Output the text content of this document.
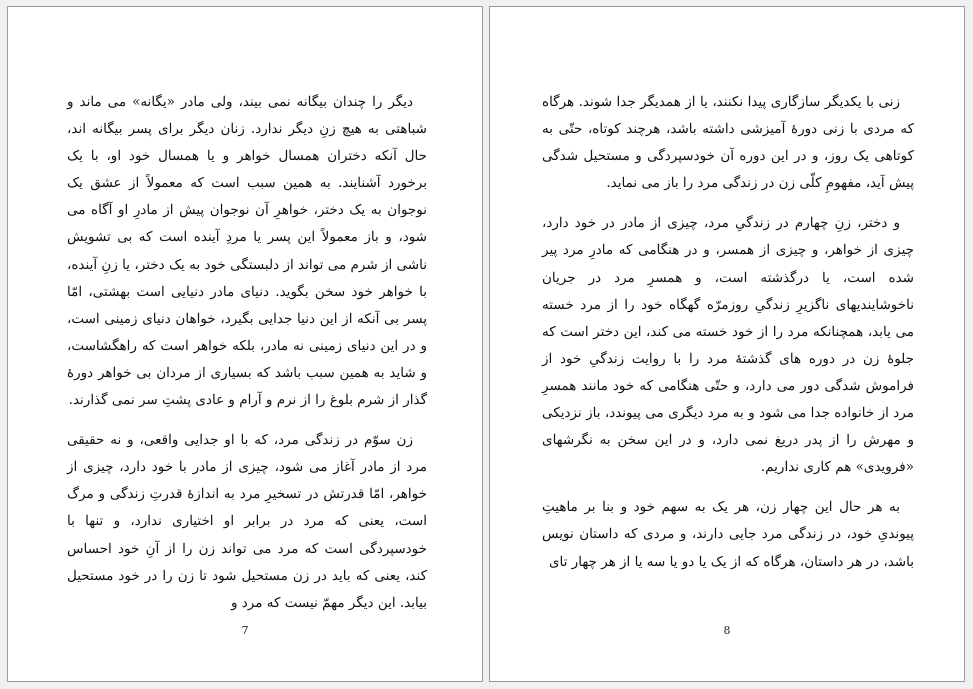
دیگر را چندان بیگانه نمی بیند، ولی مادر «یگانه» می ماند و شباهتی به هیچ زنِ دیگر ندارد. زنان دیگر برای پسر بیگانه اند، حال آنکه دختران همسال خواهر و یا همسال خود او، با یک برخورد آشنایند. به همین سبب است که معمولاً از عشق یک نوجوان به یک دختر، خواهرِ آن نوجوان پیش از مادرِ او آگاه می شود، و باز معمولاً این پسر یا مردِ آینده است که بی تشویش ناشی از شرم می تواند از دلبستگی خود به یک دختر، یا زنِ آینده، با خواهر خود سخن بگوید. دنیای مادر دنیایی است بهشتی، امّا پسر بی آنکه از این دنیا جدایی بگیرد، خواهان دنیای زمینی است، و در این دنیای زمینی نه مادر، بلکه خواهر است که راهگشاست، و شاید به همین سبب باشد که بسیاری از مردان بی خواهر دورۀ گذار از شرم بلوغ را از نرم و آرام و عادی پشتِ سر نمی گذارند.

زن سوّم در زندگی مرد، که با او جدایی واقعی، و نه حقیقی مرد از مادر آغاز می شود، چیزی از مادر با خود دارد، چیزی از خواهر، امّا قدرتش در تسخیرِ مرد به اندازۀ قدرتِ زندگی و مرگ است، یعنی که مرد در برابر او اختیاری ندارد، و تنها با خودسپردگی است که مرد می تواند زن را از آنِ خود احساس کند، یعنی که باید در زن مستحیل شود تا زن را در خود مستحیل بیابد. این دیگر مهمّ نیست که مرد و

7

زنی با یکدیگر سازگاری پیدا نکنند، یا از همدیگر جدا شوند. هرگاه که مردی با زنی دورۀ آمیزشی داشته باشد، هرچند کوتاه، حتّی به کوتاهی یک روز، و در این دوره آن خودسپردگی و مستحیل شدگی پیش آید، مفهومِ کلّی زن در زندگی مرد را باز می نماید.

و دختر، زنِ چهارم در زندگیِ مرد، چیزی از مادر در خود دارد، چیزی از خواهر، و چیزی از همسر، و در هنگامی که مادرِ مرد پیر شده است، یا درگذشته است، و همسرِ مرد در جریان ناخوشایندیهای ناگزیرِ زندگیِ روزمرّه گهگاه خود را از مرد خسته می یابد، همچنانکه مرد را از خود خسته می کند، این دختر است که جلوۀ زن در دوره های گذشتۀ مرد را با روایت زندگیِ خود از فراموش شدگی دور می دارد، و حتّی هنگامی که خود مانند همسرِ مرد از خانواده جدا می شود و به مرد دیگری می پیوندد، باز نزدیکی و مهرش را از پدر دریغ نمی دارد، و در این سخن به نگرشهای «فرویدی» هم کاری نداریم.

به هر حال این چهار زن، هر یک به سهم خود و بنا بر ماهیتِ پیوندیِ خود، در زندگی مرد جایی دارند، و مردی که داستان نویس باشد، در هر داستان، هرگاه که از یک یا دو یا سه یا از هر چهار تای

8
